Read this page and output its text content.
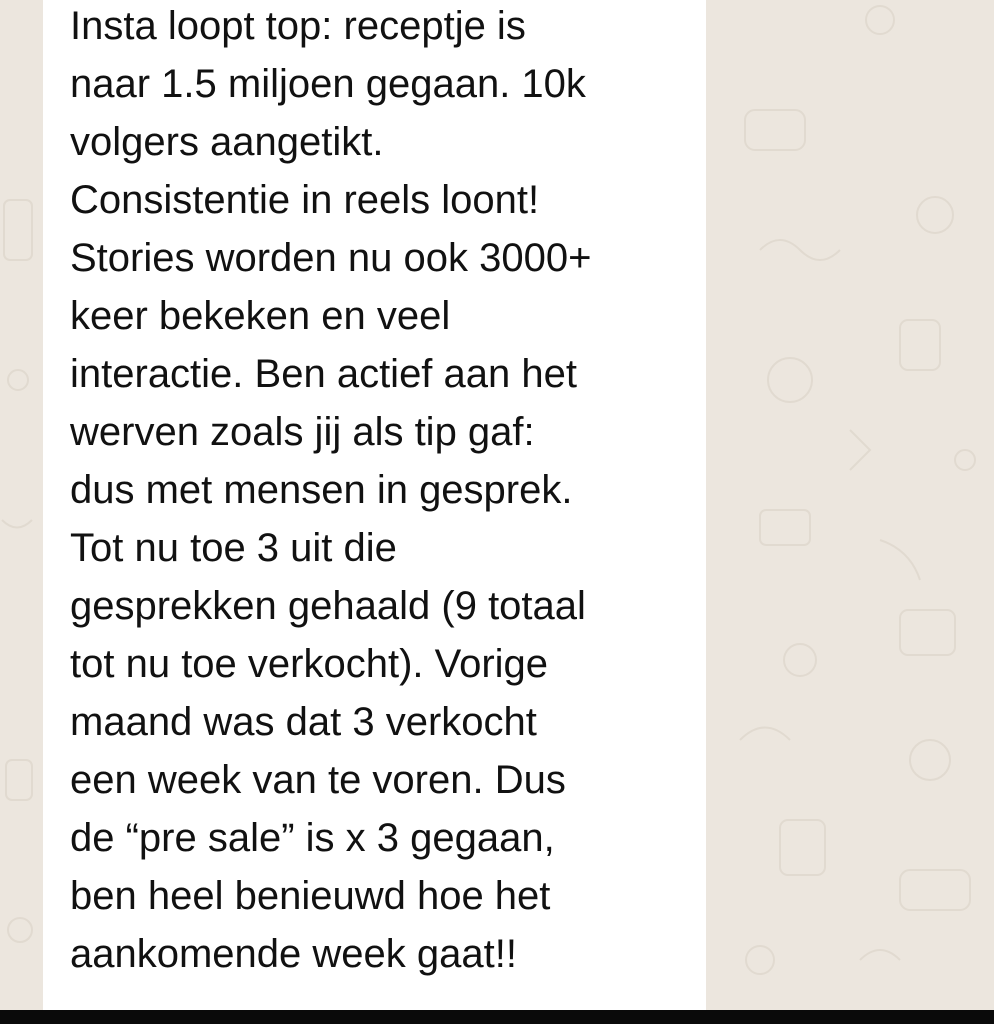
Insta loopt top: receptje is
naar 1.5 miljoen gegaan. 10k
volgers aangetikt.
Consistentie in reels loont!
Stories worden nu ook 3000+
keer bekeken en veel
interactie. Ben actief aan het
werven zoals jij als tip gaf:
dus met mensen in gesprek.
Tot nu toe 3 uit die
gesprekken gehaald (9 totaal
tot nu toe verkocht). Vorige
maand was dat 3 verkocht
een week van te voren. Dus
de “pre sale” is x 3 gegaan,
ben heel benieuwd hoe het
aankomende week gaat!!
